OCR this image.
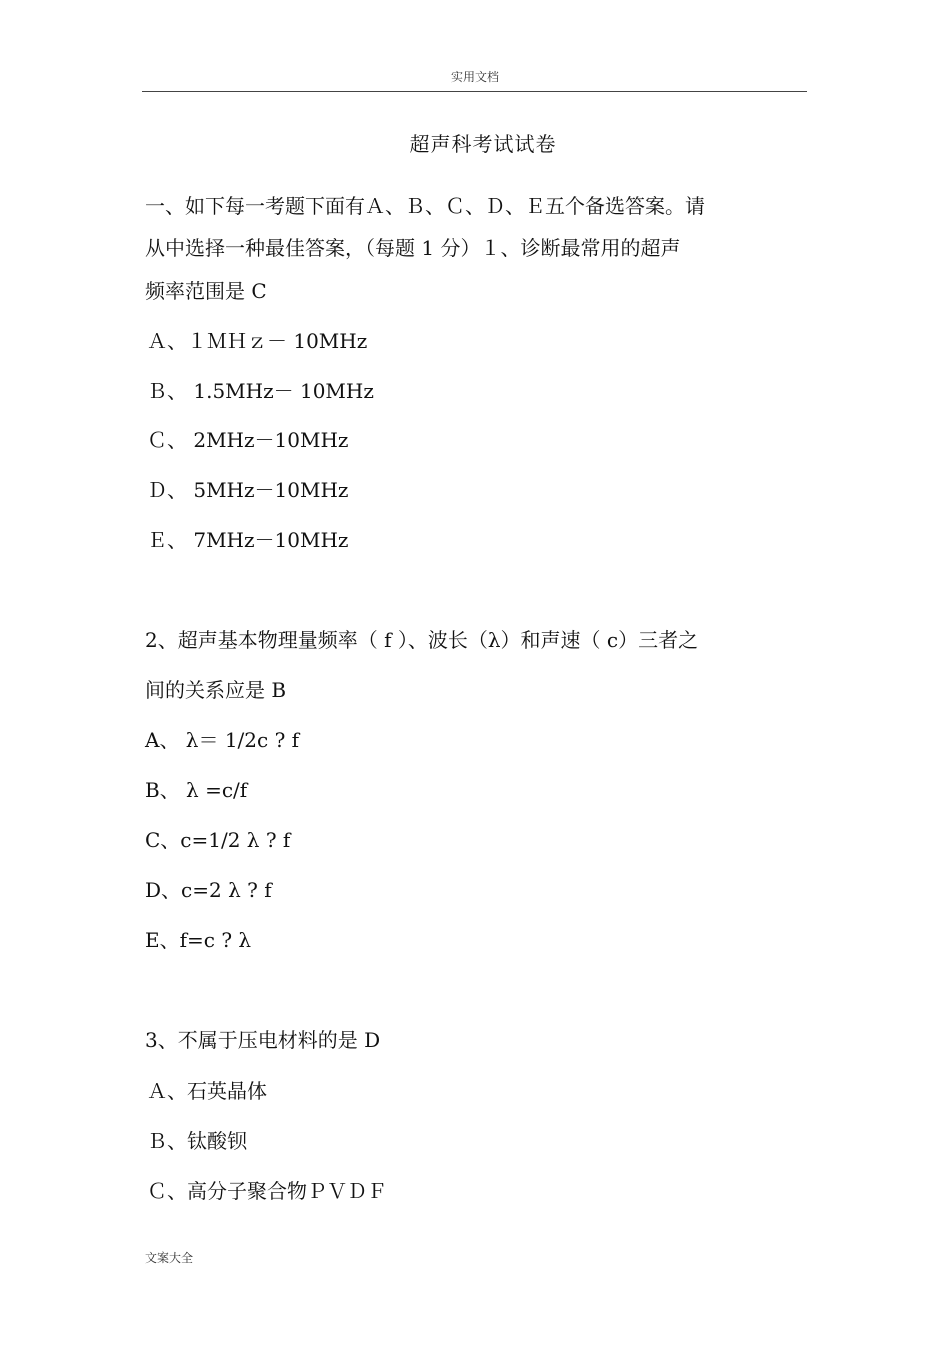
实用文档
超声科考试试卷
一、如下每一考题下面有Ａ、Ｂ、Ｃ、Ｄ、Ｅ五个备选答案。请
从中选择一种最佳答案，（每题 1 分）１、诊断最常用的超声
频率范围是 C
Ａ、１ＭＨｚ－ 10MHz
Ｂ、 1.5MHz－ 10MHz
Ｃ、 2MHz－10MHz
Ｄ、 5MHz－10MHz
Ｅ、 7MHz－10MHz
2、超声基本物理量频率（ f ）、波长（λ）和声速（ c）三者之
间的关系应是 B
A、 λ＝ 1/2c ? f
B、 λ =c/f
C、c=1/2 λ ? f
D、c=2 λ ? f
E、f=c ? λ
3、不属于压电材料的是 D
Ａ、石英晶体
Ｂ、钛酸钡
Ｃ、高分子聚合物ＰＶＤＦ
文案大全
